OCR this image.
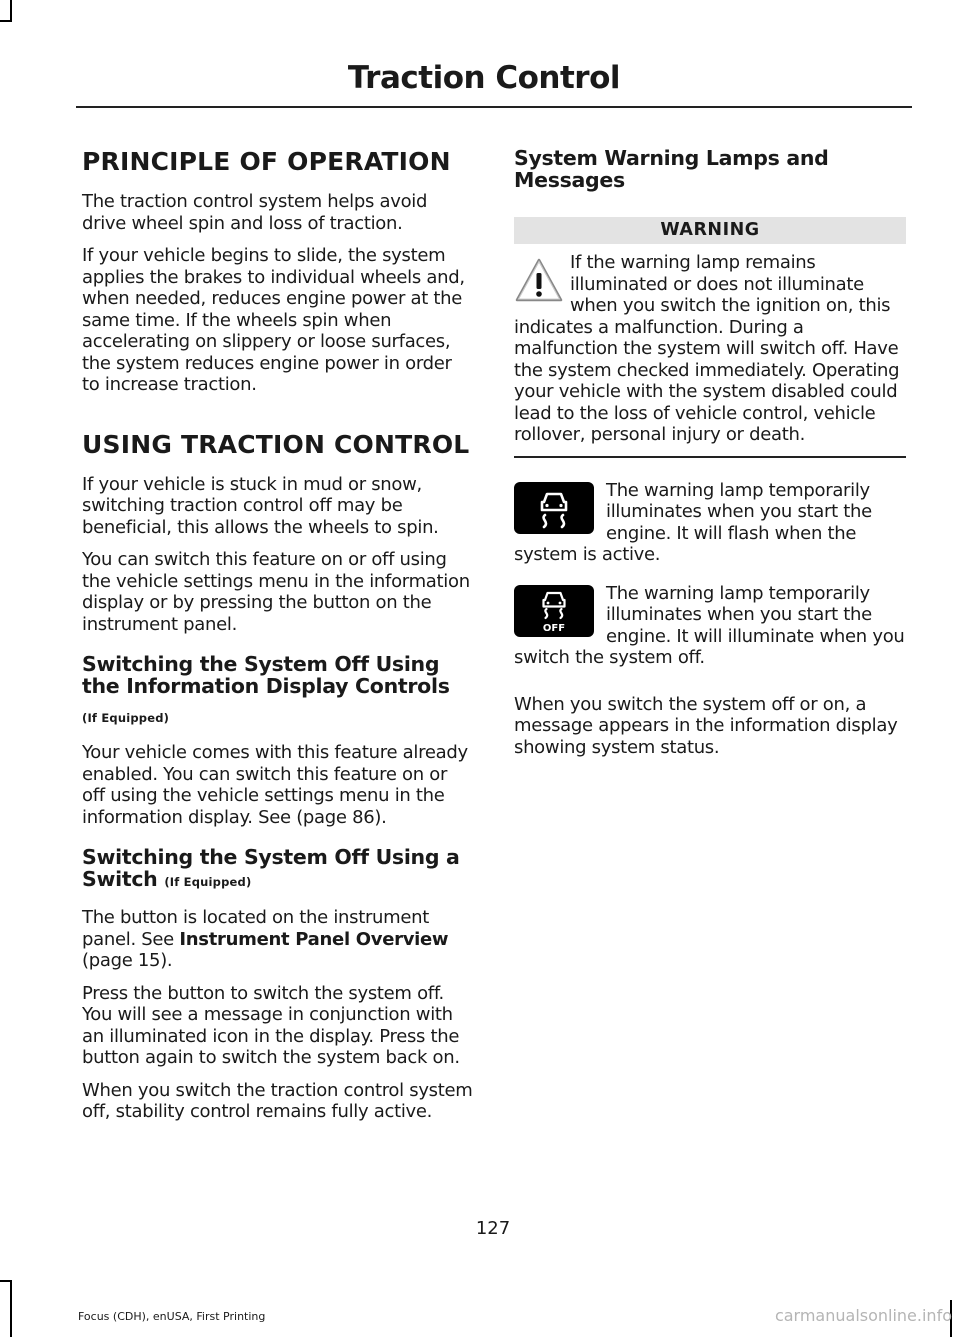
Traction Control
PRINCIPLE OF OPERATION

The traction control system helps avoid drive wheel spin and loss of traction.

If your vehicle begins to slide, the system applies the brakes to individual wheels and, when needed, reduces engine power at the same time. If the wheels spin when accelerating on slippery or loose surfaces, the system reduces engine power in order to increase traction.

USING TRACTION CONTROL

If your vehicle is stuck in mud or snow, switching traction control off may be beneficial, this allows the wheels to spin.

You can switch this feature on or off using the vehicle settings menu in the information display or by pressing the button on the instrument panel.

Switching the System Off Using the Information Display Controls
(If Equipped)

Your vehicle comes with this feature already enabled. You can switch this feature on or off using the vehicle settings menu in the information display. See (page 86).

Switching the System Off Using a Switch (If Equipped)

The button is located on the instrument panel. See Instrument Panel Overview (page 15).

Press the button to switch the system off. You will see a message in conjunction with an illuminated icon in the display. Press the button again to switch the system back on.

When you switch the traction control system off, stability control remains fully active.

System Warning Lamps and Messages
WARNING

If the warning lamp remains illuminated or does not illuminate when you switch the ignition on, this indicates a malfunction. During a malfunction the system will switch off. Have the system checked immediately. Operating your vehicle with the system disabled could lead to the loss of vehicle control, vehicle rollover, personal injury or death.

The warning lamp temporarily illuminates when you start the engine. It will flash when the system is active.

OFF

The warning lamp temporarily illuminates when you start the engine. It will illuminate when you switch the system off.

When you switch the system off or on, a message appears in the information display showing system status.

127
Focus (CDH), enUSA, First Printing	carmanualsonline.info
